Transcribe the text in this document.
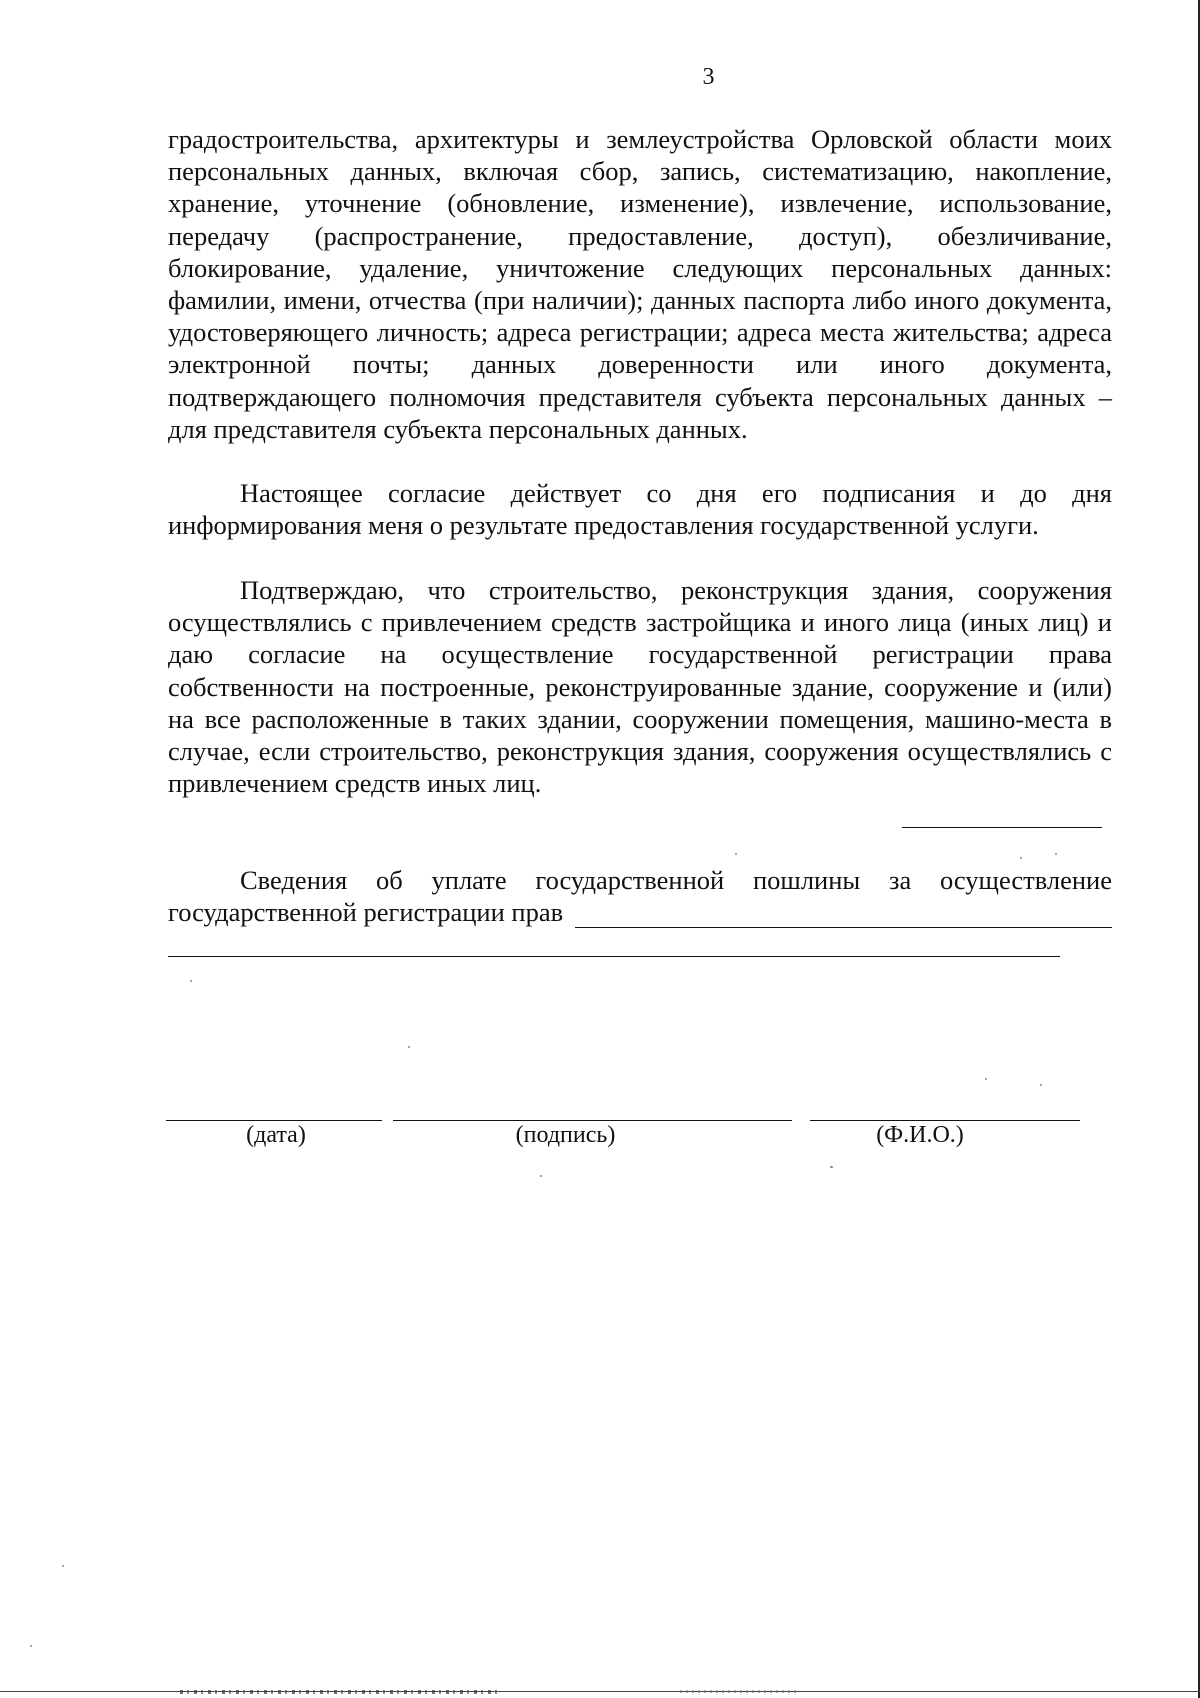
3

градостроительства, архитектуры и землеустройства Орловской области моих персональных данных, включая сбор, запись, систематизацию, накопление, хранение, уточнение (обновление, изменение), извлечение, использование, передачу (распространение, предоставление, доступ), обезличивание, блокирование, удаление, уничтожение следующих персональных данных: фамилии, имени, отчества (при наличии); данных паспорта либо иного документа, удостоверяющего личность; адреса регистрации; адреса места жительства; адреса электронной почты; данных доверенности или иного документа, подтверждающего полномочия представителя субъекта персональных данных – для представителя субъекта персональных данных.

Настоящее согласие действует со дня его подписания и до дня информирования меня о результате предоставления государственной услуги.

Подтверждаю, что строительство, реконструкция здания, сооружения осуществлялись с привлечением средств застройщика и иного лица (иных лиц) и даю согласие на осуществление государственной регистрации права собственности на построенные, реконструированные здание, сооружение и (или) на все расположенные в таких здании, сооружении помещения, машино-места в случае, если строительство, реконструкция здания, сооружения осуществлялись с привлечением средств иных лиц.

Сведения об уплате государственной пошлины за осуществление
государственной регистрации прав
(дата)	(подпись)	(Ф.И.О.)
